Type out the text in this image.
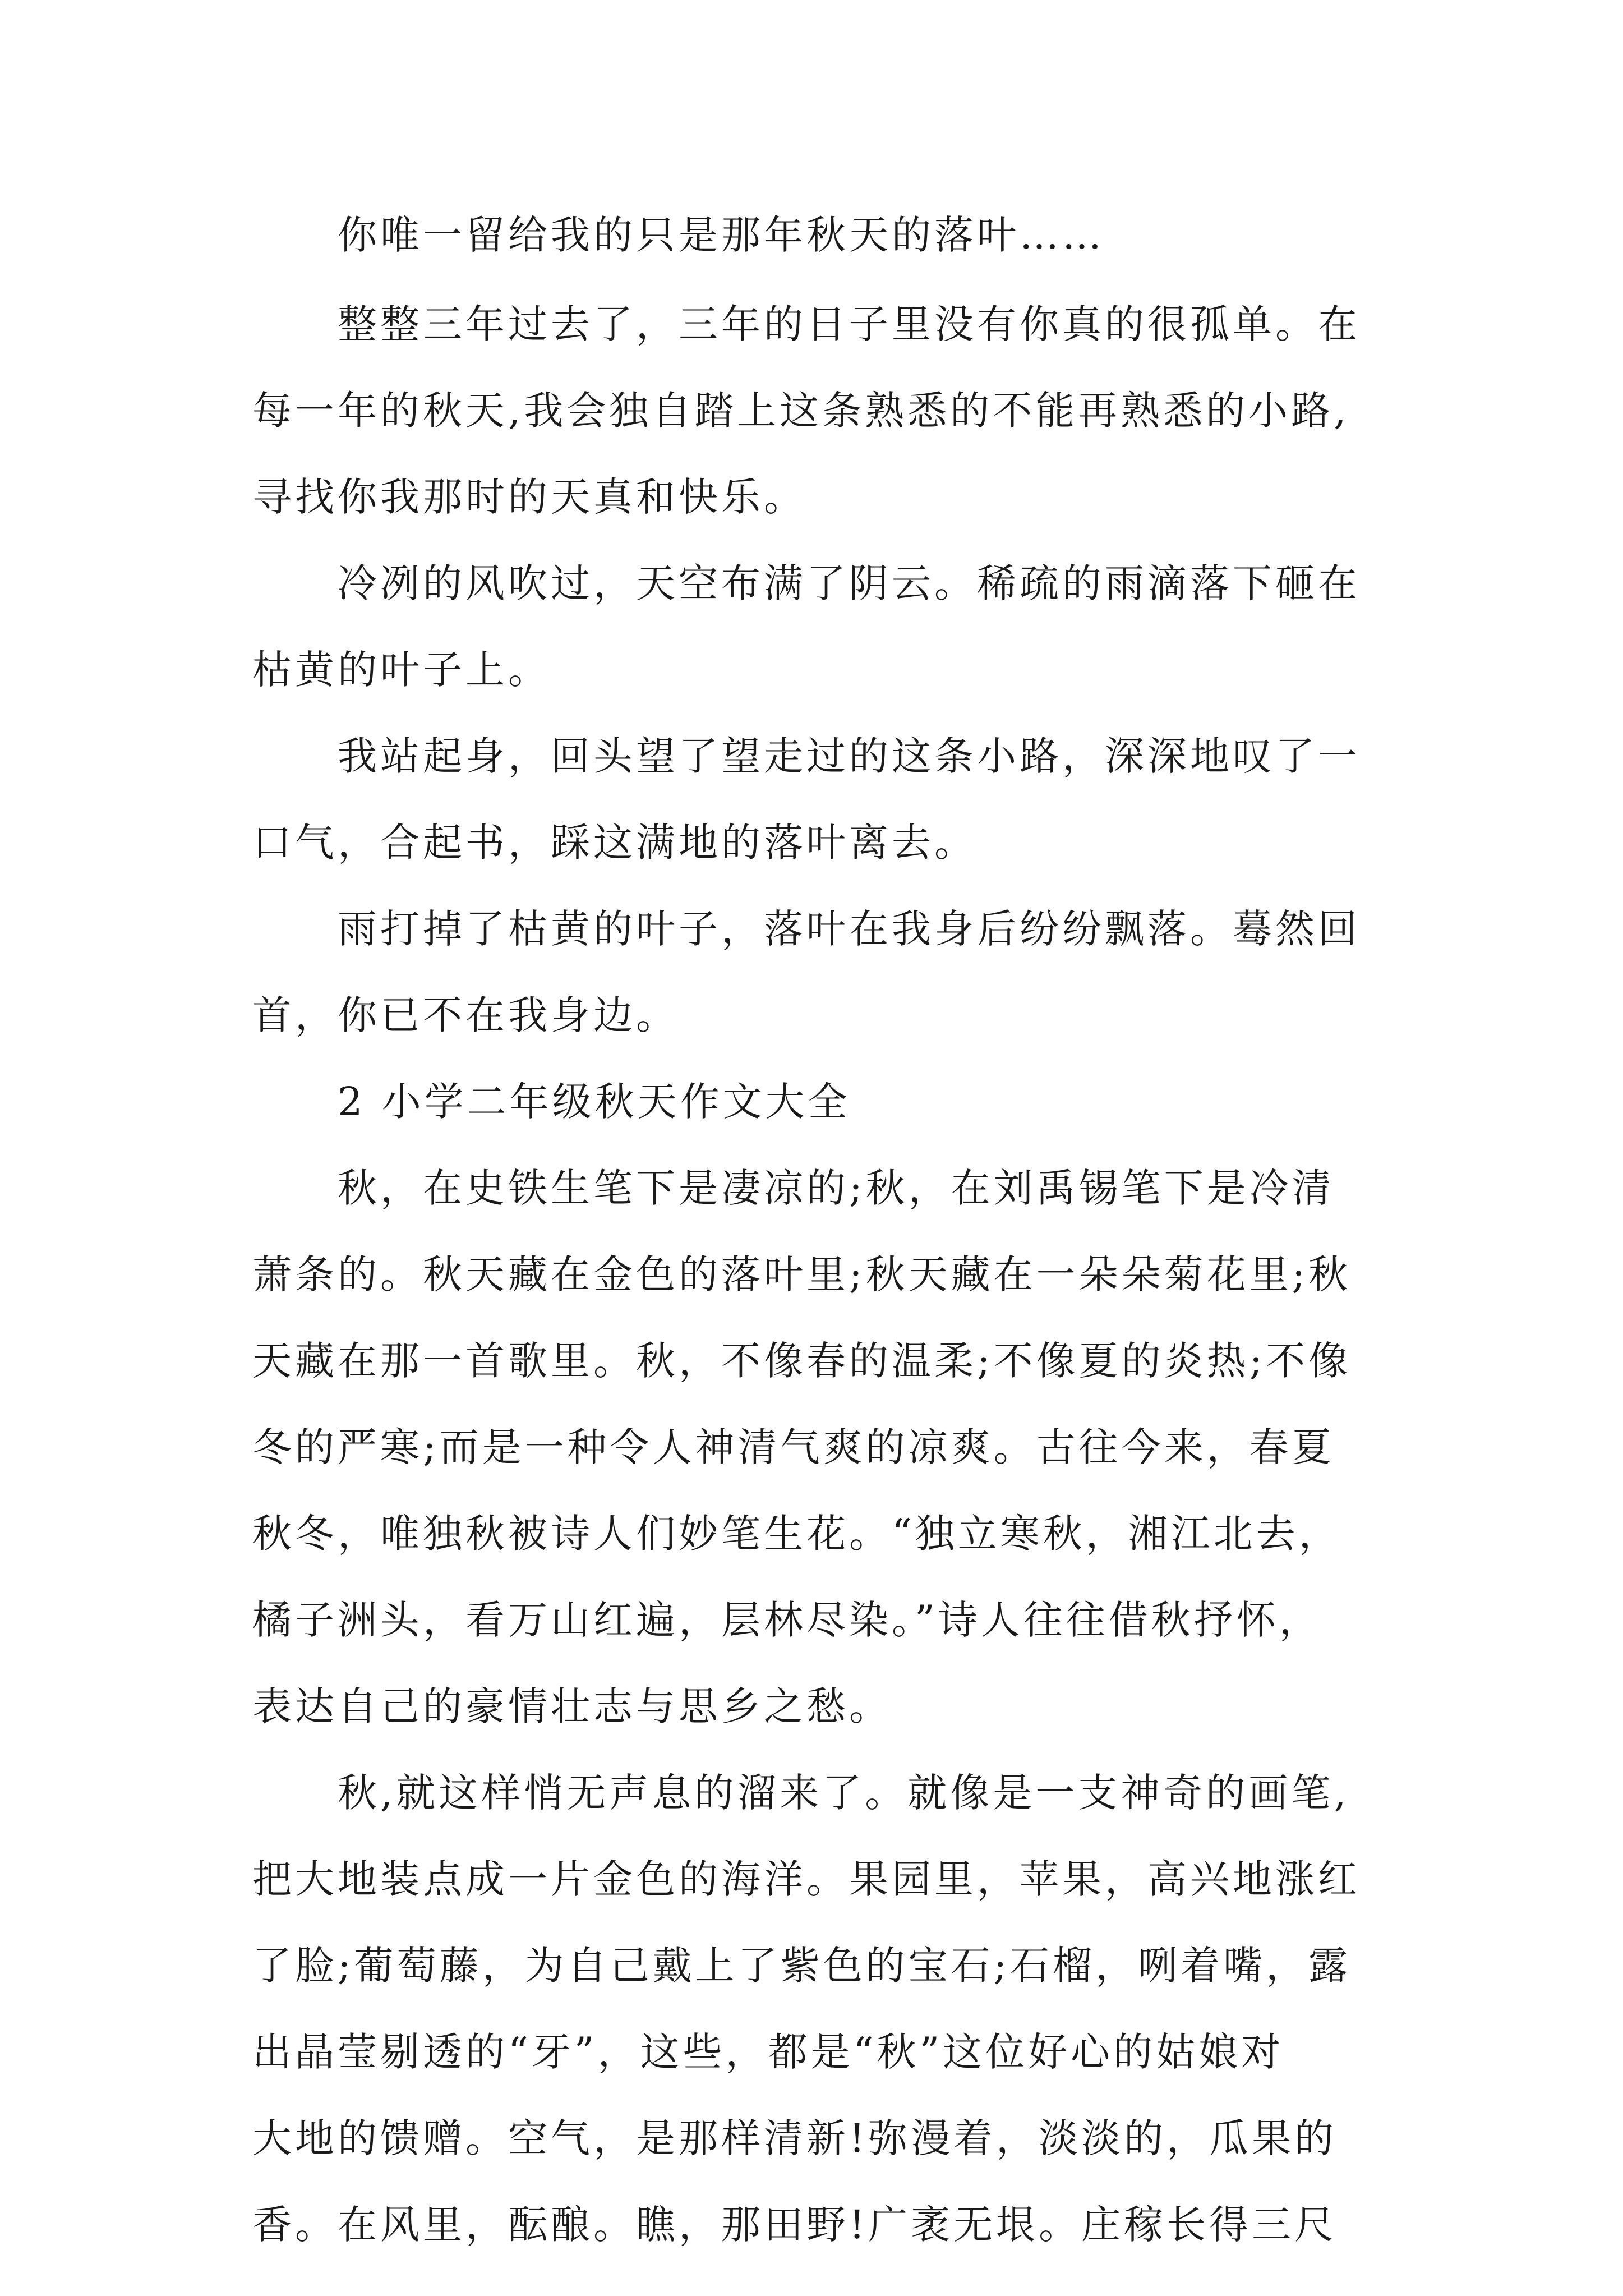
你唯一留给我的只是那年秋天的落叶……

整整三年过去了，三年的日子里没有你真的很孤单。在

每一年的秋天,我会独自踏上这条熟悉的不能再熟悉的小路,

寻找你我那时的天真和快乐。

冷冽的风吹过，天空布满了阴云。稀疏的雨滴落下砸在

枯黄的叶子上。

我站起身，回头望了望走过的这条小路，深深地叹了一

口气，合起书，踩这满地的落叶离去。

雨打掉了枯黄的叶子，落叶在我身后纷纷飘落。蓦然回

首，你已不在我身边。

2 小学二年级秋天作文大全

秋，在史铁生笔下是凄凉的;秋，在刘禹锡笔下是冷清

萧条的。秋天藏在金色的落叶里;秋天藏在一朵朵菊花里;秋

天藏在那一首歌里。秋，不像春的温柔;不像夏的炎热;不像

冬的严寒;而是一种令人神清气爽的凉爽。古往今来，春夏

秋冬，唯独秋被诗人们妙笔生花。“独立寒秋，湘江北去，

橘子洲头，看万山红遍，层林尽染。”诗人往往借秋抒怀，

表达自己的豪情壮志与思乡之愁。

秋,就这样悄无声息的溜来了。就像是一支神奇的画笔,

把大地装点成一片金色的海洋。果园里，苹果，高兴地涨红

了脸;葡萄藤，为自己戴上了紫色的宝石;石榴，咧着嘴，露

出晶莹剔透的“牙”，这些，都是“秋”这位好心的姑娘对

大地的馈赠。空气，是那样清新!弥漫着，淡淡的，瓜果的

香。在风里，酝酿。瞧，那田野!广袤无垠。庄稼长得三尺
